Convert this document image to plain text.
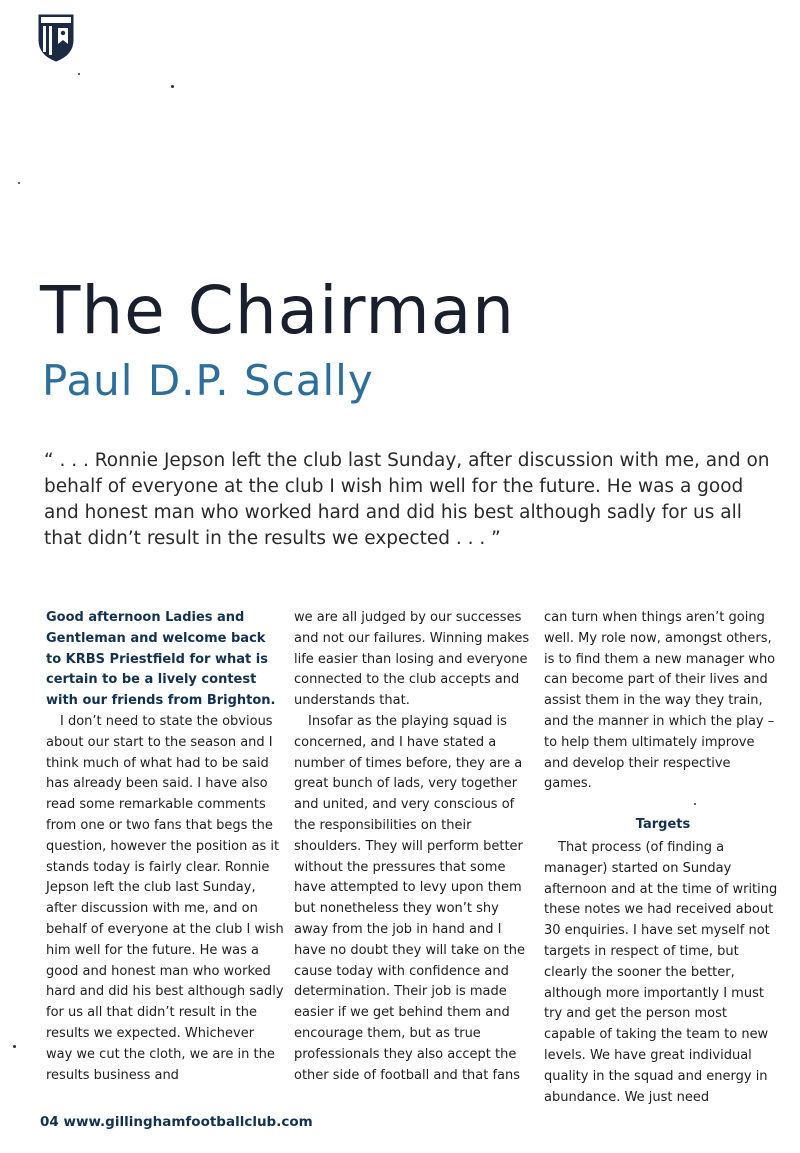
The Chairman
Paul D.P. Scally

“ . . . Ronnie Jepson left the club last Sunday, after discussion with me, and on behalf of everyone at the club I wish him well for the future. He was a good and honest man who worked hard and did his best although sadly for us all that didn’t result in the results we expected . . . ”

Good afternoon Ladies and Gentleman and welcome back to KRBS Priestfield for what is certain to be a lively contest with our friends from Brighton.

I don’t need to state the obvious about our start to the season and I think much of what had to be said has already been said. I have also read some remarkable comments from one or two fans that begs the question, however the position as it stands today is fairly clear. Ronnie Jepson left the club last Sunday, after discussion with me, and on behalf of everyone at the club I wish him well for the future. He was a good and honest man who worked hard and did his best although sadly for us all that didn’t result in the results we expected. Whichever way we cut the cloth, we are in the results business and

we are all judged by our successes and not our failures. Winning makes life easier than losing and everyone connected to the club accepts and understands that.

Insofar as the playing squad is concerned, and I have stated a number of times before, they are a great bunch of lads, very together and united, and very conscious of the responsibilities on their shoulders. They will perform better without the pressures that some have attempted to levy upon them but nonetheless they won’t shy away from the job in hand and I have no doubt they will take on the cause today with confidence and determination. Their job is made easier if we get behind them and encourage them, but as true professionals they also accept the other side of football and that fans

can turn when things aren’t going well. My role now, amongst others, is to find them a new manager who can become part of their lives and assist them in the way they train, and the manner in which the play – to help them ultimately improve and develop their respective games.

Targets

That process (of finding a manager) started on Sunday afternoon and at the time of writing these notes we had received about 30 enquiries. I have set myself not targets in respect of time, but clearly the sooner the better, although more importantly I must try and get the person most capable of taking the team to new levels. We have great individual quality in the squad and energy in abundance. We just need

04 www.gillinghamfootballclub.com
